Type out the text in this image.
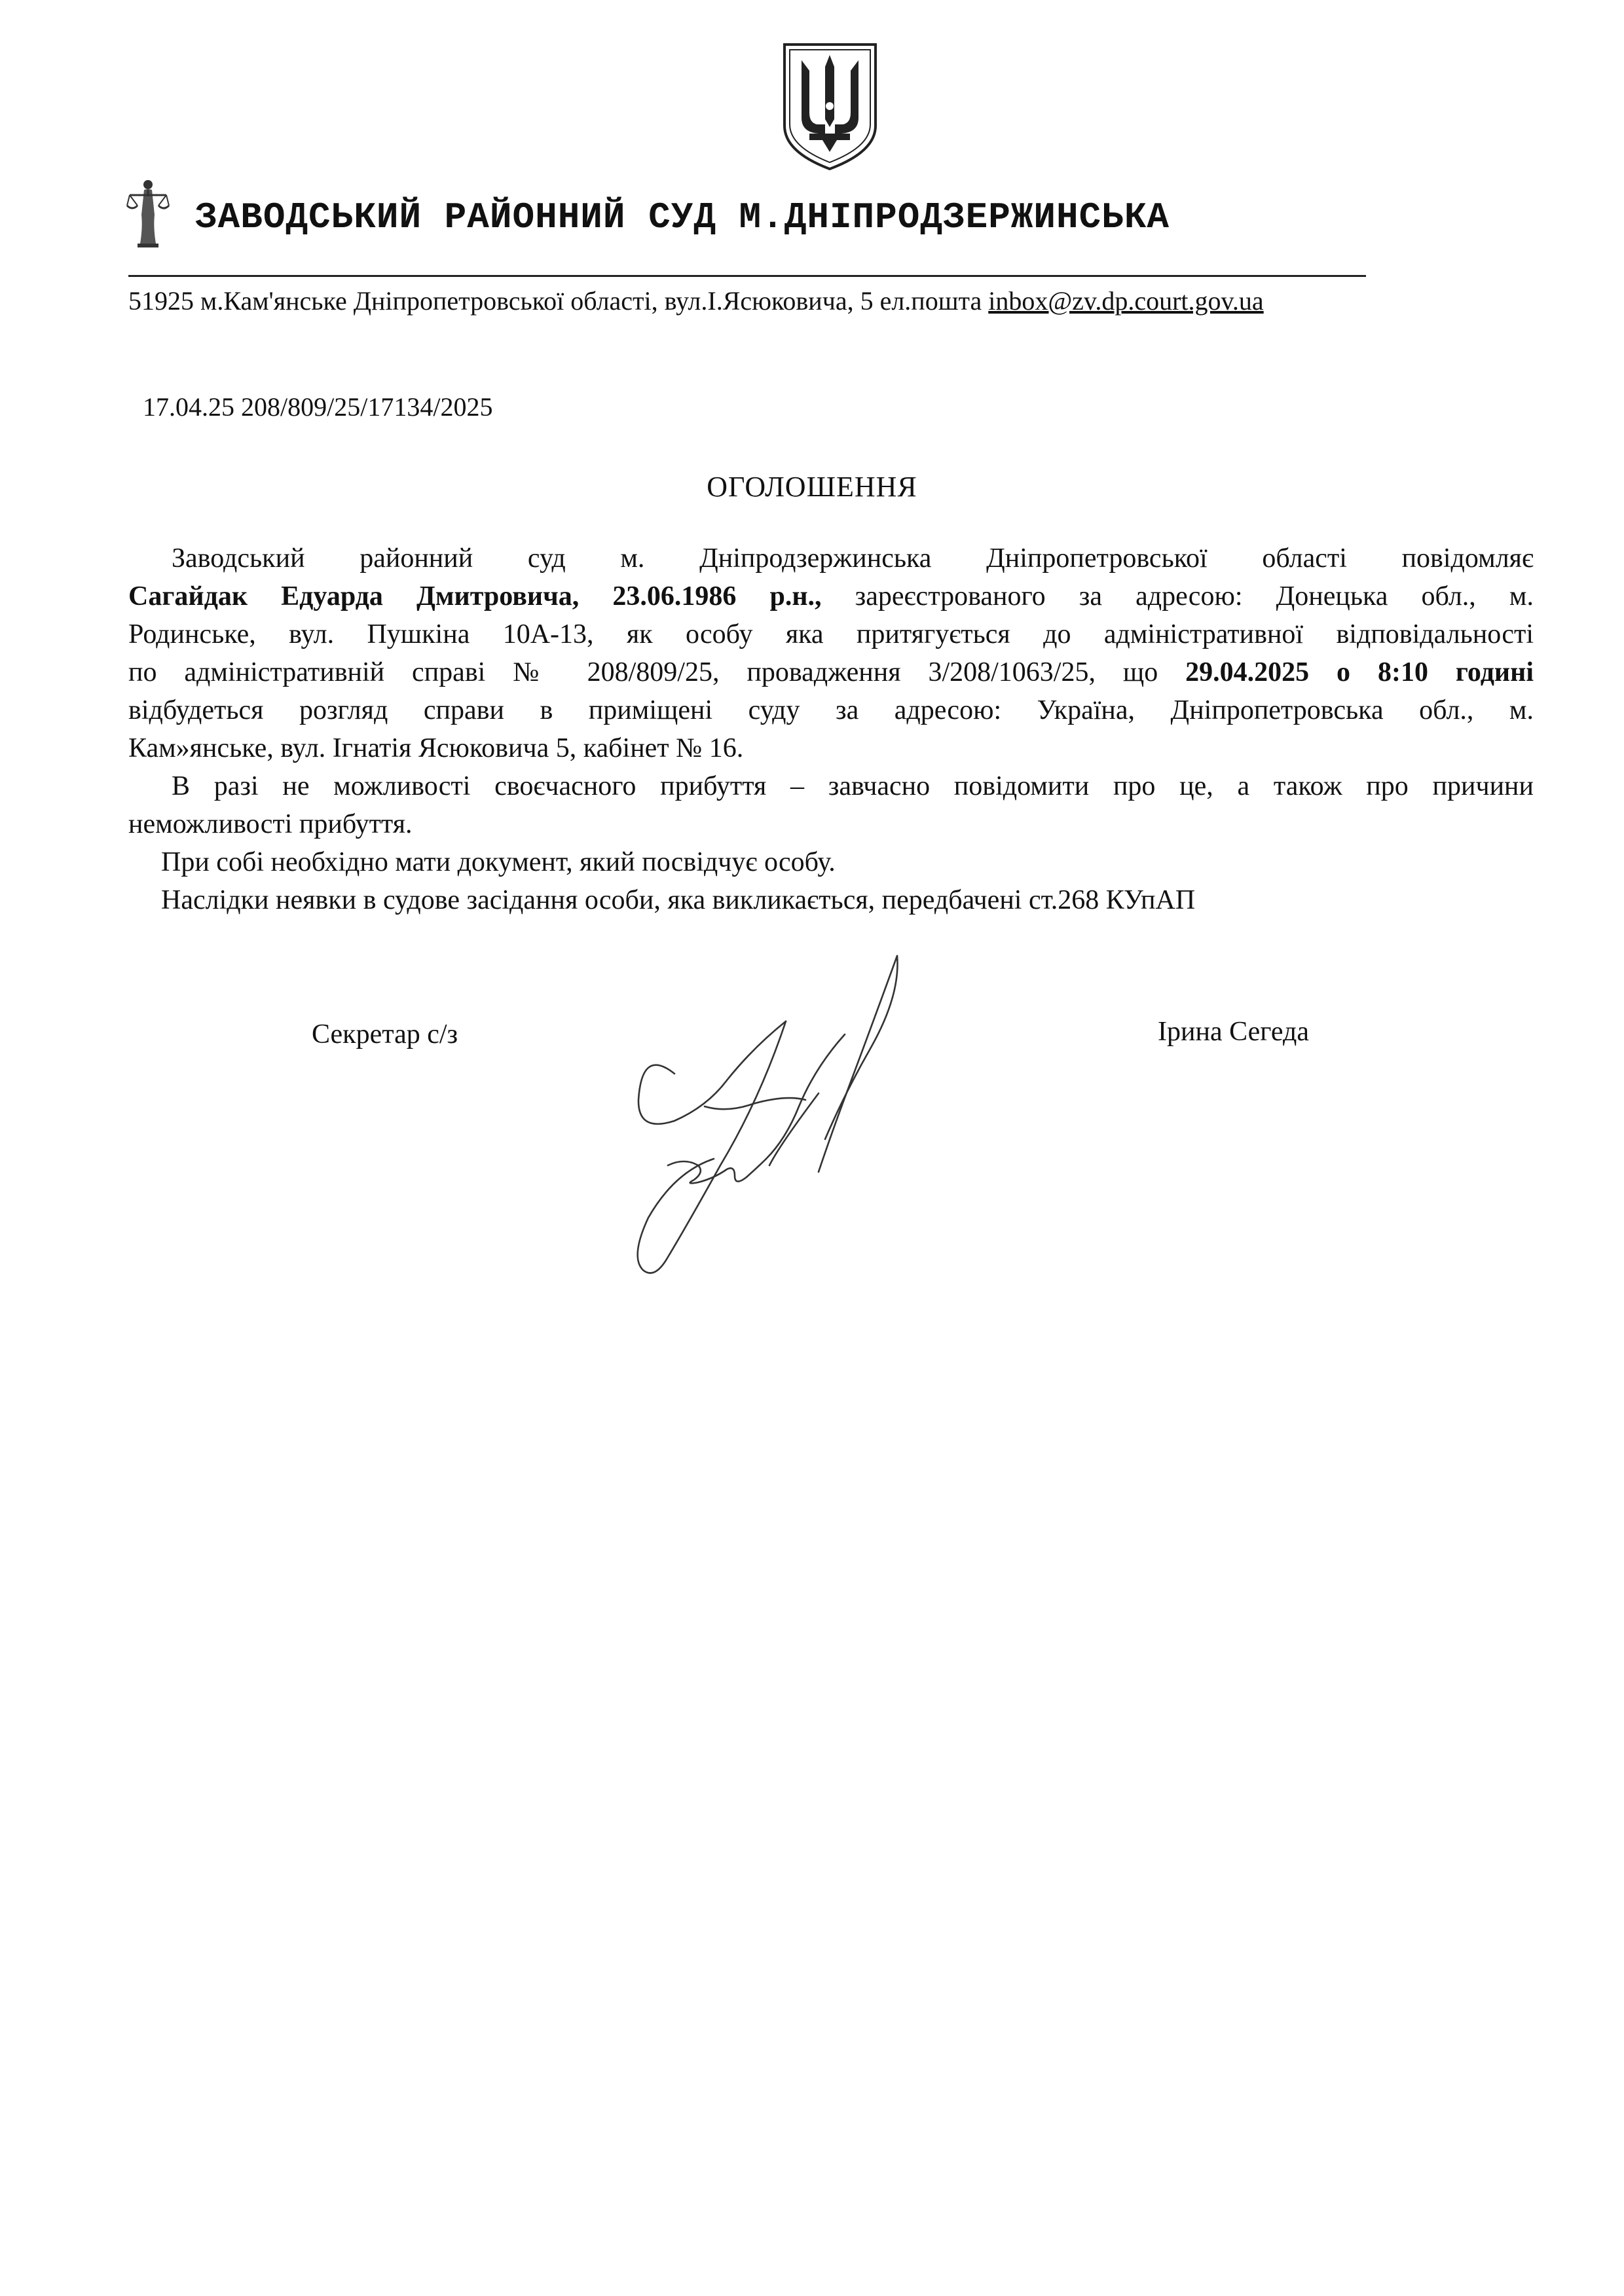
ЗАВОДСЬКИЙ РАЙОННИЙ СУД М.ДНІПРОДЗЕРЖИНСЬКА
51925 м.Кам'янське Дніпропетровської області, вул.І.Ясюковича, 5 ел.пошта inbox@zv.dp.court.gov.ua
17.04.25 208/809/25/17134/2025
ОГОЛОШЕННЯ
Заводський районний суд м. Дніпродзержинська Дніпропетровської області повідомляє
Сагайдак Едуарда Дмитровича, 23.06.1986 р.н., зареєстрованого за адресою: Донецька обл., м.
Родинське, вул. Пушкіна 10А-13, як особу яка притягується до адміністративної відповідальності
по адміністративній справі № 208/809/25, провадження 3/208/1063/25, що 29.04.2025 о 8:10 годині
відбудеться розгляд справи в приміщені суду за адресою: Україна, Дніпропетровська обл., м.
Кам»янське, вул. Ігнатія Ясюковича 5, кабінет № 16.
В разі не можливості своєчасного прибуття – завчасно повідомити про це, а також про причини
неможливості прибуття.
При собі необхідно мати документ, який посвідчує особу.
Наслідки неявки в судове засідання особи, яка викликається, передбачені ст.268 КУпАП
Секретар с/з	Ірина Сегеда
